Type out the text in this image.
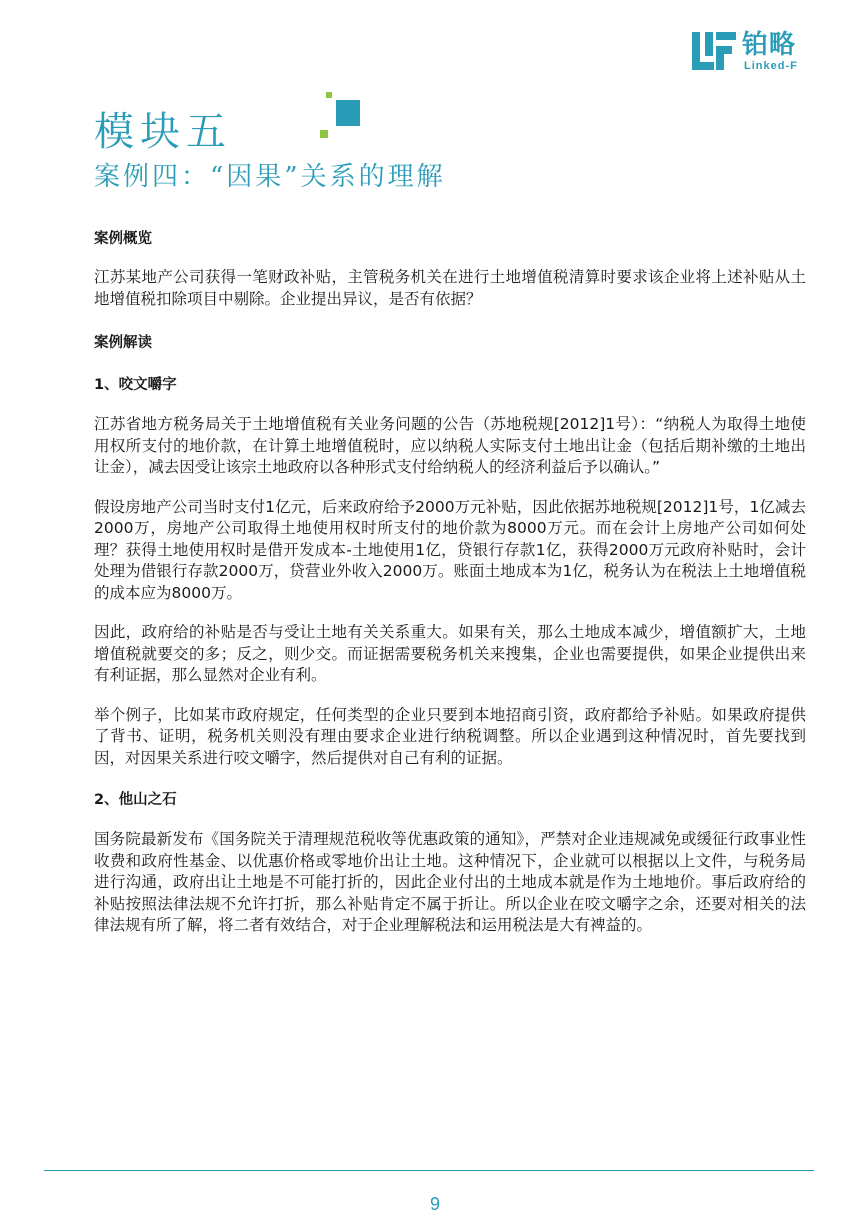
铂略
Linked-F
模块五
案例四：“因果”关系的理解
案例概览
江苏某地产公司获得一笔财政补贴，主管税务机关在进行土地增值税清算时要求该企业将上述补贴从土地增值税扣除项目中剔除。企业提出异议，是否有依据？
案例解读
1、咬文嚼字
江苏省地方税务局关于土地增值税有关业务问题的公告（苏地税规[2012]1号）：“纳税人为取得土地使用权所支付的地价款，在计算土地增值税时，应以纳税人实际支付土地出让金（包括后期补缴的土地出让金），减去因受让该宗土地政府以各种形式支付给纳税人的经济利益后予以确认。”
假设房地产公司当时支付1亿元，后来政府给予2000万元补贴，因此依据苏地税规[2012]1号，1亿减去2000万，房地产公司取得土地使用权时所支付的地价款为8000万元。而在会计上房地产公司如何处理？获得土地使用权时是借开发成本-土地使用1亿，贷银行存款1亿，获得2000万元政府补贴时，会计处理为借银行存款2000万，贷营业外收入2000万。账面土地成本为1亿，税务认为在税法上土地增值税的成本应为8000万。
因此，政府给的补贴是否与受让土地有关关系重大。如果有关，那么土地成本减少，增值额扩大，土地增值税就要交的多；反之，则少交。而证据需要税务机关来搜集，企业也需要提供，如果企业提供出来有利证据，那么显然对企业有利。
举个例子，比如某市政府规定，任何类型的企业只要到本地招商引资，政府都给予补贴。如果政府提供了背书、证明，税务机关则没有理由要求企业进行纳税调整。所以企业遇到这种情况时，首先要找到因，对因果关系进行咬文嚼字，然后提供对自己有利的证据。
2、他山之石
国务院最新发布《国务院关于清理规范税收等优惠政策的通知》，严禁对企业违规减免或缓征行政事业性收费和政府性基金、以优惠价格或零地价出让土地。这种情况下，企业就可以根据以上文件，与税务局进行沟通，政府出让土地是不可能打折的，因此企业付出的土地成本就是作为土地地价。事后政府给的补贴按照法律法规不允许打折，那么补贴肯定不属于折让。所以企业在咬文嚼字之余，还要对相关的法律法规有所了解，将二者有效结合，对于企业理解税法和运用税法是大有裨益的。
9
